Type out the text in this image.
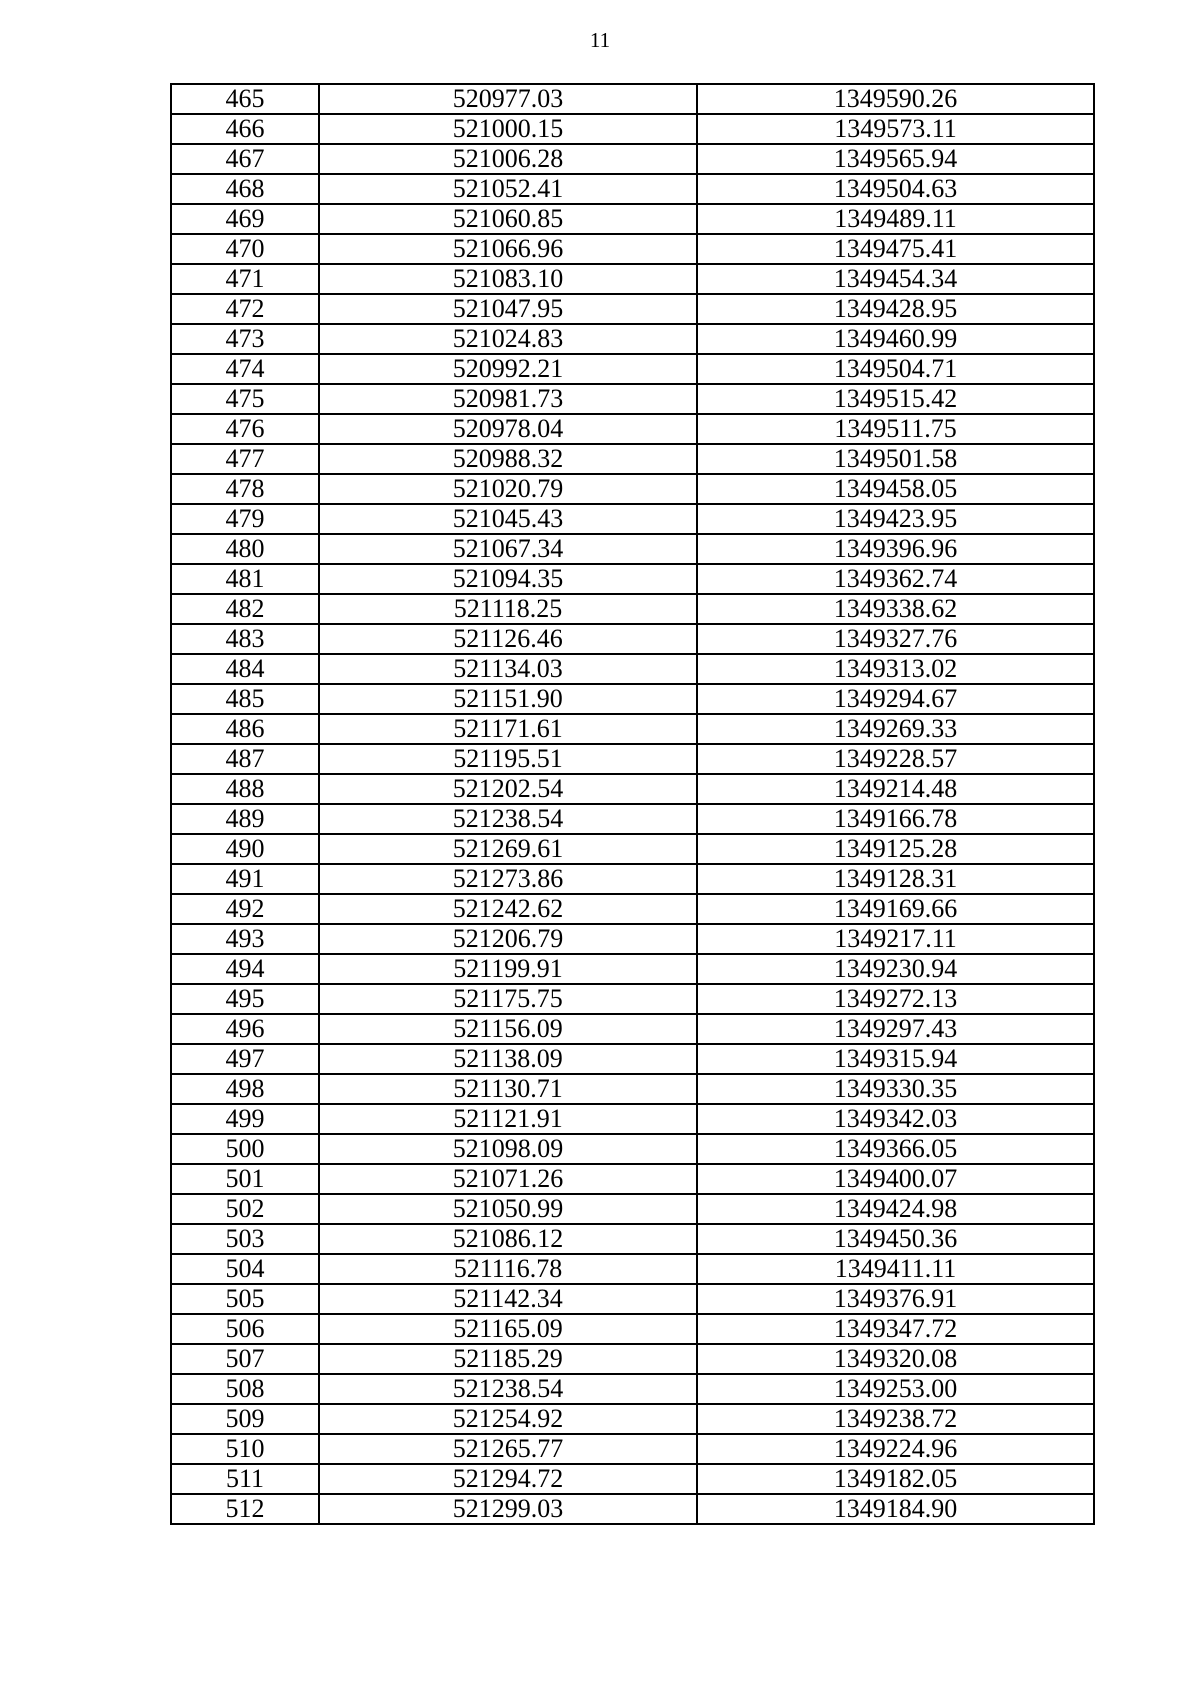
11
465	520977.03	1349590.26
466	521000.15	1349573.11
467	521006.28	1349565.94
468	521052.41	1349504.63
469	521060.85	1349489.11
470	521066.96	1349475.41
471	521083.10	1349454.34
472	521047.95	1349428.95
473	521024.83	1349460.99
474	520992.21	1349504.71
475	520981.73	1349515.42
476	520978.04	1349511.75
477	520988.32	1349501.58
478	521020.79	1349458.05
479	521045.43	1349423.95
480	521067.34	1349396.96
481	521094.35	1349362.74
482	521118.25	1349338.62
483	521126.46	1349327.76
484	521134.03	1349313.02
485	521151.90	1349294.67
486	521171.61	1349269.33
487	521195.51	1349228.57
488	521202.54	1349214.48
489	521238.54	1349166.78
490	521269.61	1349125.28
491	521273.86	1349128.31
492	521242.62	1349169.66
493	521206.79	1349217.11
494	521199.91	1349230.94
495	521175.75	1349272.13
496	521156.09	1349297.43
497	521138.09	1349315.94
498	521130.71	1349330.35
499	521121.91	1349342.03
500	521098.09	1349366.05
501	521071.26	1349400.07
502	521050.99	1349424.98
503	521086.12	1349450.36
504	521116.78	1349411.11
505	521142.34	1349376.91
506	521165.09	1349347.72
507	521185.29	1349320.08
508	521238.54	1349253.00
509	521254.92	1349238.72
510	521265.77	1349224.96
511	521294.72	1349182.05
512	521299.03	1349184.90
